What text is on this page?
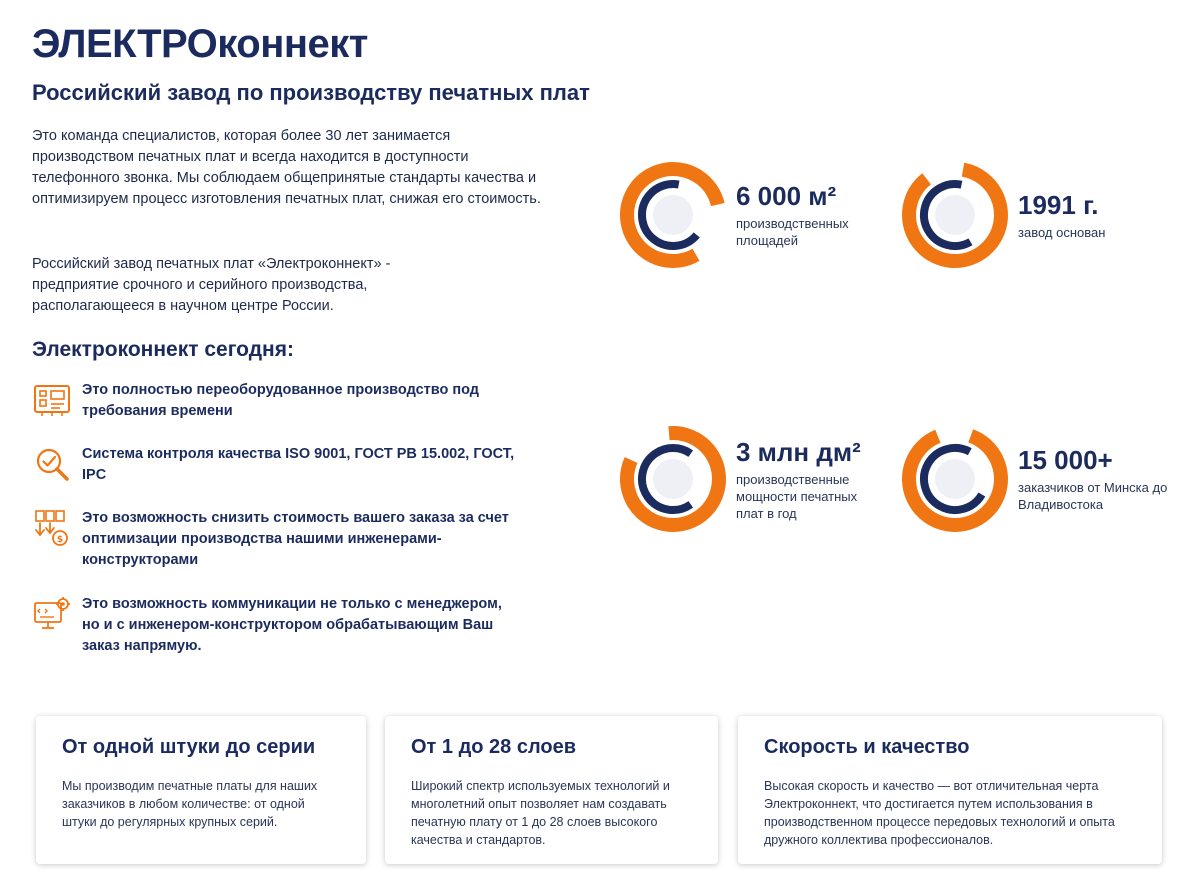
ЭЛЕКТРОконнект
Российский завод по производству печатных плат

Это команда специалистов, которая более 30 лет занимается производством печатных плат и всегда находится в доступности телефонного звонка. Мы соблюдаем общепринятые стандарты качества и оптимизируем процесс изготовления печатных плат, снижая его стоимость.

Российский завод печатных плат «Электроконнект» - предприятие срочного и серийного производства, располагающееся в научном центре России.

Электроконнект сегодня:
Это полностью переоборудованное производство под требования времени
Система контроля качества ISO 9001, ГОСТ РВ 15.002, ГОСТ, IPC
$
Это возможность снизить стоимость вашего заказа за счет оптимизации производства нашими инженерами-конструкторами
Это возможность коммуникации не только с менеджером, но и с инженером-конструктором обрабатывающим Ваш заказ напрямую.
6 000 м²
производственных площадей
1991 г.
завод основан
3 млн дм²
производственные мощности печатных плат в год
15 000+
заказчиков от Минска до Владивостока
От одной штуки до серии
Мы производим печатные платы для наших заказчиков в любом количестве: от одной штуки до регулярных крупных серий.
От 1 до 28 слоев
Широкий спектр используемых технологий и многолетний опыт позволяет нам создавать печатную плату от 1 до 28 слоев высокого качества и стандартов.
Скорость и качество
Высокая скорость и качество — вот отличительная черта Электроконнект, что достигается путем использования в производственном процессе передовых технологий и опыта дружного коллектива профессионалов.
